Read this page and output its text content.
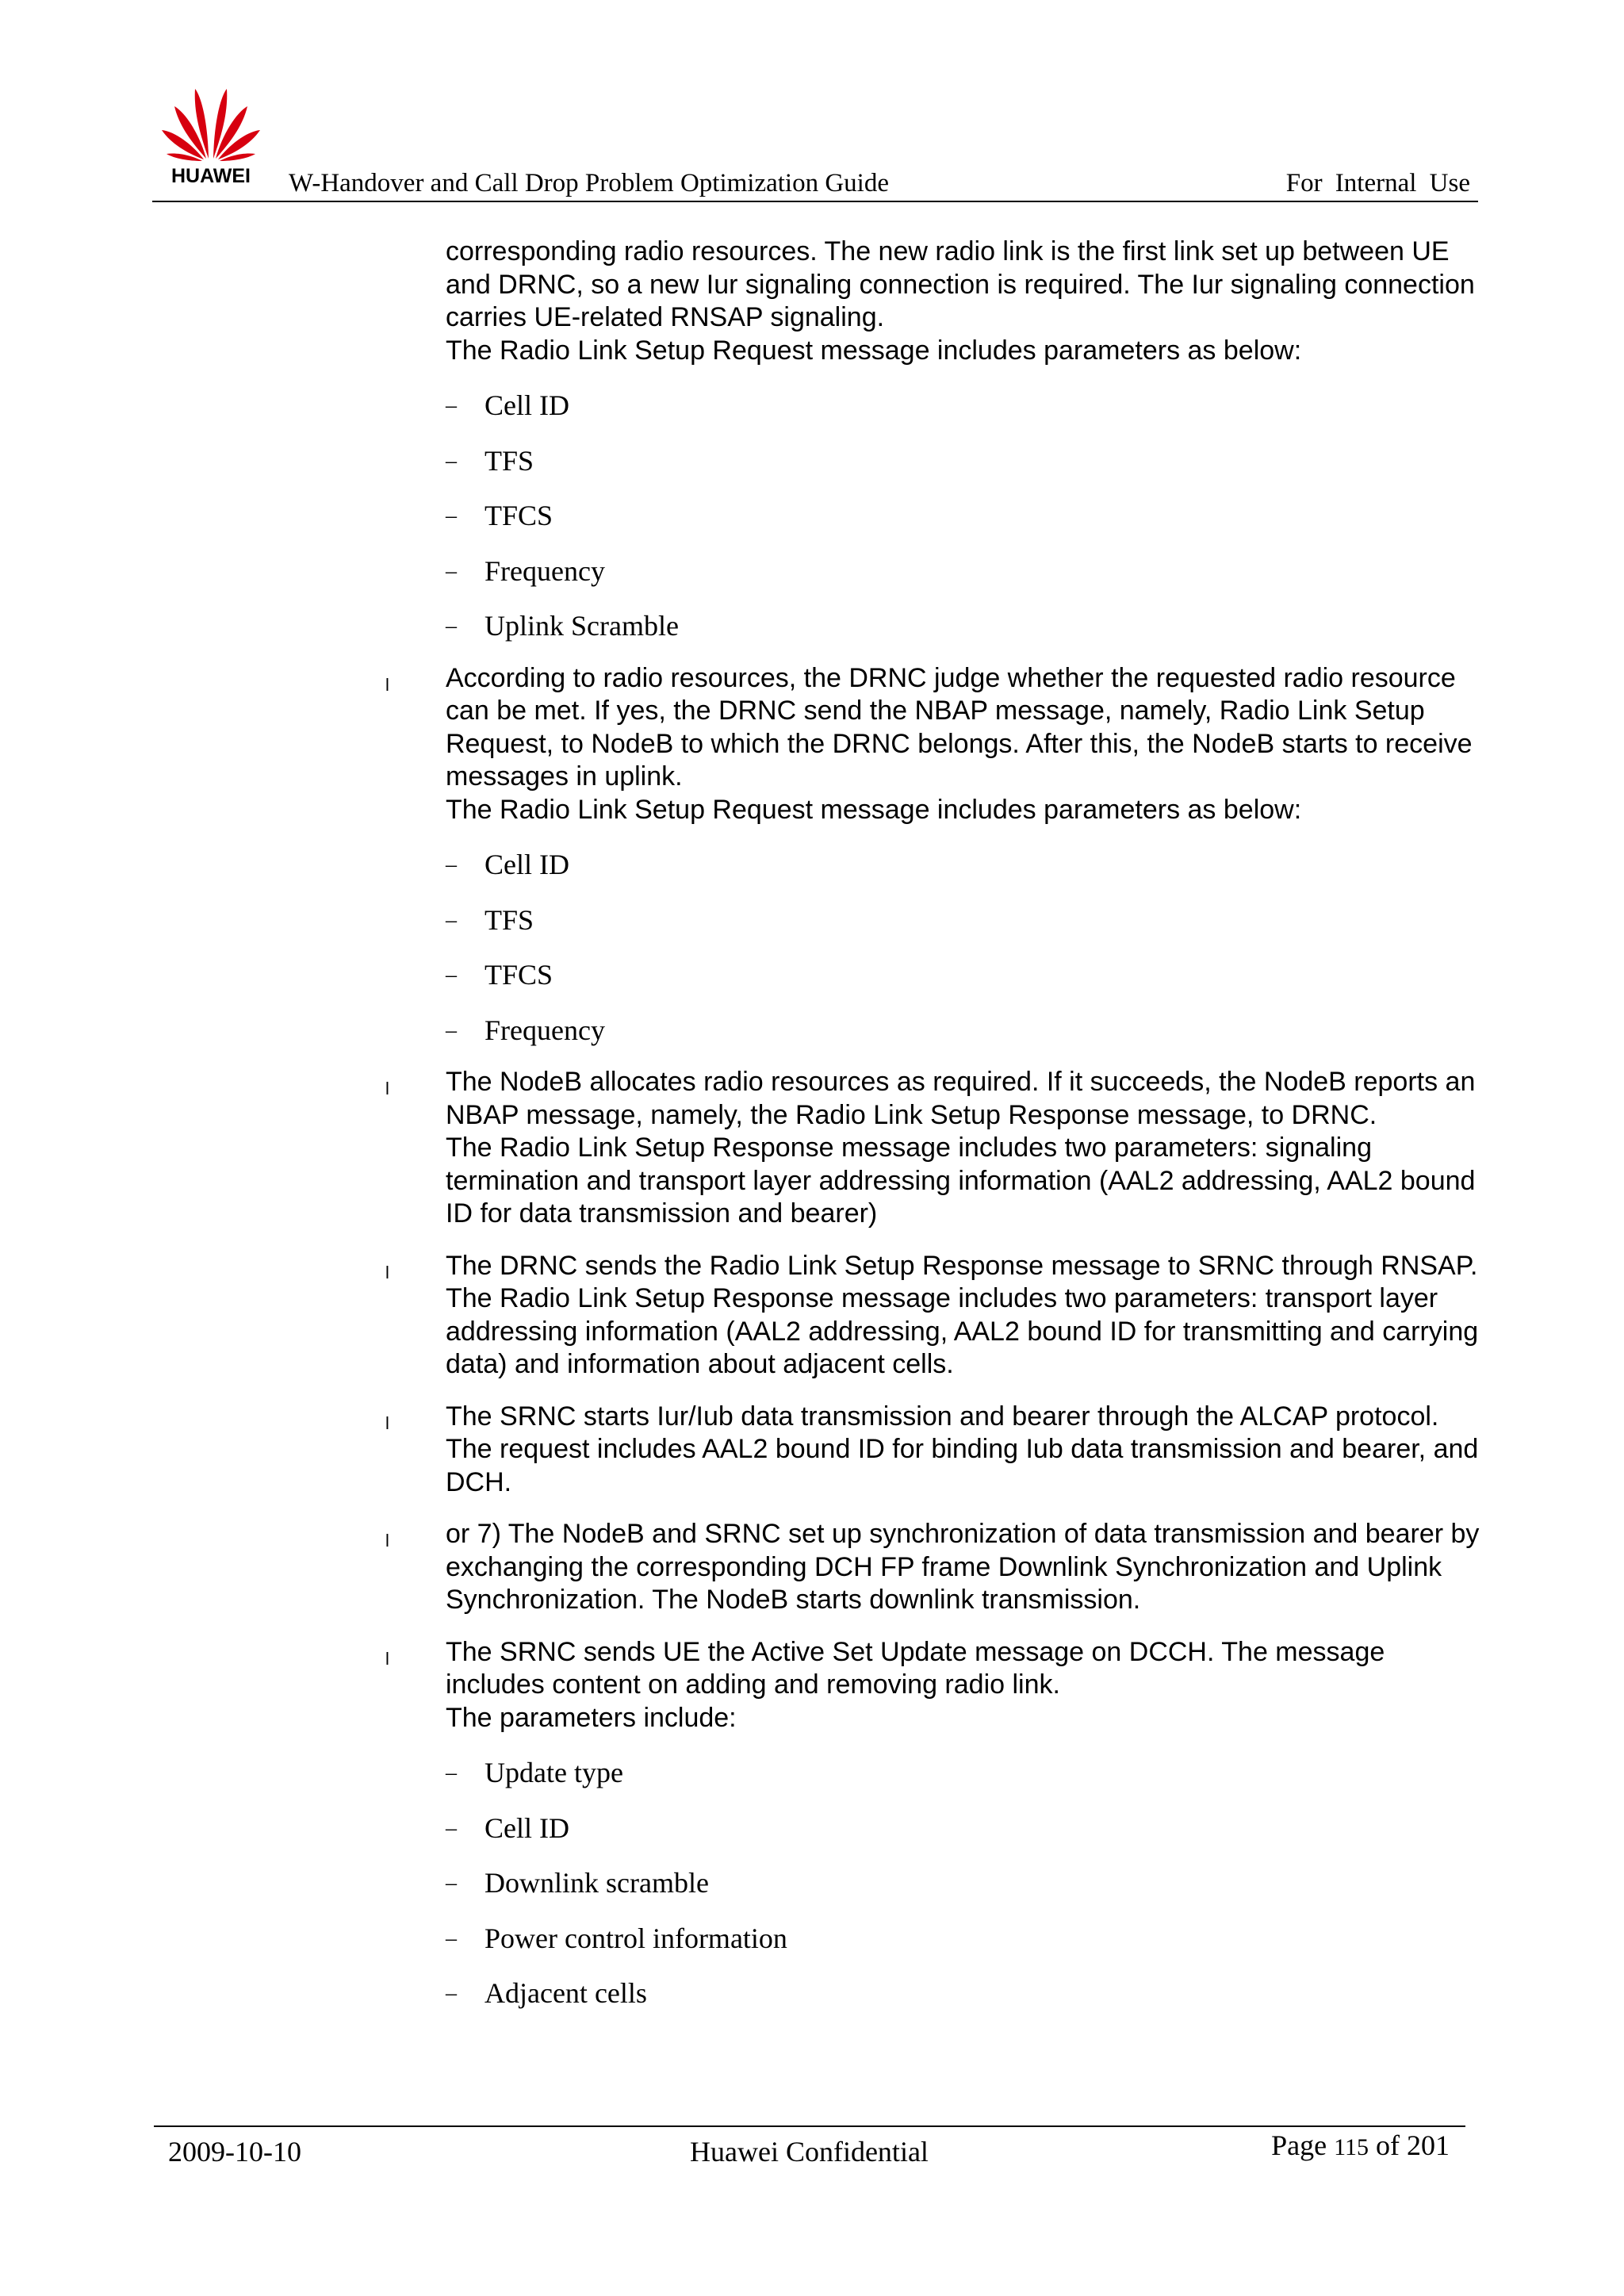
HUAWEI	W-Handover and Call Drop Problem Optimization Guide	For Internal Use
corresponding radio resources. The new radio link is the first link set up between UE and DRNC, so a new Iur signaling connection is required. The Iur signaling connection carries UE-related RNSAP signaling.
The Radio Link Setup Request message includes parameters as below:
– Cell ID
– TFS
– TFCS
– Frequency
– Uplink Scramble
l According to radio resources, the DRNC judge whether the requested radio resource can be met. If yes, the DRNC send the NBAP message, namely, Radio Link Setup Request, to NodeB to which the DRNC belongs. After this, the NodeB starts to receive messages in uplink.
The Radio Link Setup Request message includes parameters as below:
– Cell ID
– TFS
– TFCS
– Frequency
l The NodeB allocates radio resources as required. If it succeeds, the NodeB reports an NBAP message, namely, the Radio Link Setup Response message, to DRNC.
The Radio Link Setup Response message includes two parameters: signaling termination and transport layer addressing information (AAL2 addressing, AAL2 bound ID for data transmission and bearer)
l The DRNC sends the Radio Link Setup Response message to SRNC through RNSAP.
The Radio Link Setup Response message includes two parameters: transport layer addressing information (AAL2 addressing, AAL2 bound ID for transmitting and carrying data) and information about adjacent cells.
l The SRNC starts Iur/Iub data transmission and bearer through the ALCAP protocol. The request includes AAL2 bound ID for binding Iub data transmission and bearer, and DCH.
l or 7) The NodeB and SRNC set up synchronization of data transmission and bearer by exchanging the corresponding DCH FP frame Downlink Synchronization and Uplink Synchronization. The NodeB starts downlink transmission.
l The SRNC sends UE the Active Set Update message on DCCH. The message includes content on adding and removing radio link.
The parameters include:
– Update type
– Cell ID
– Downlink scramble
– Power control information
– Adjacent cells
2009-10-10	Huawei Confidential	Page 115 of 201
